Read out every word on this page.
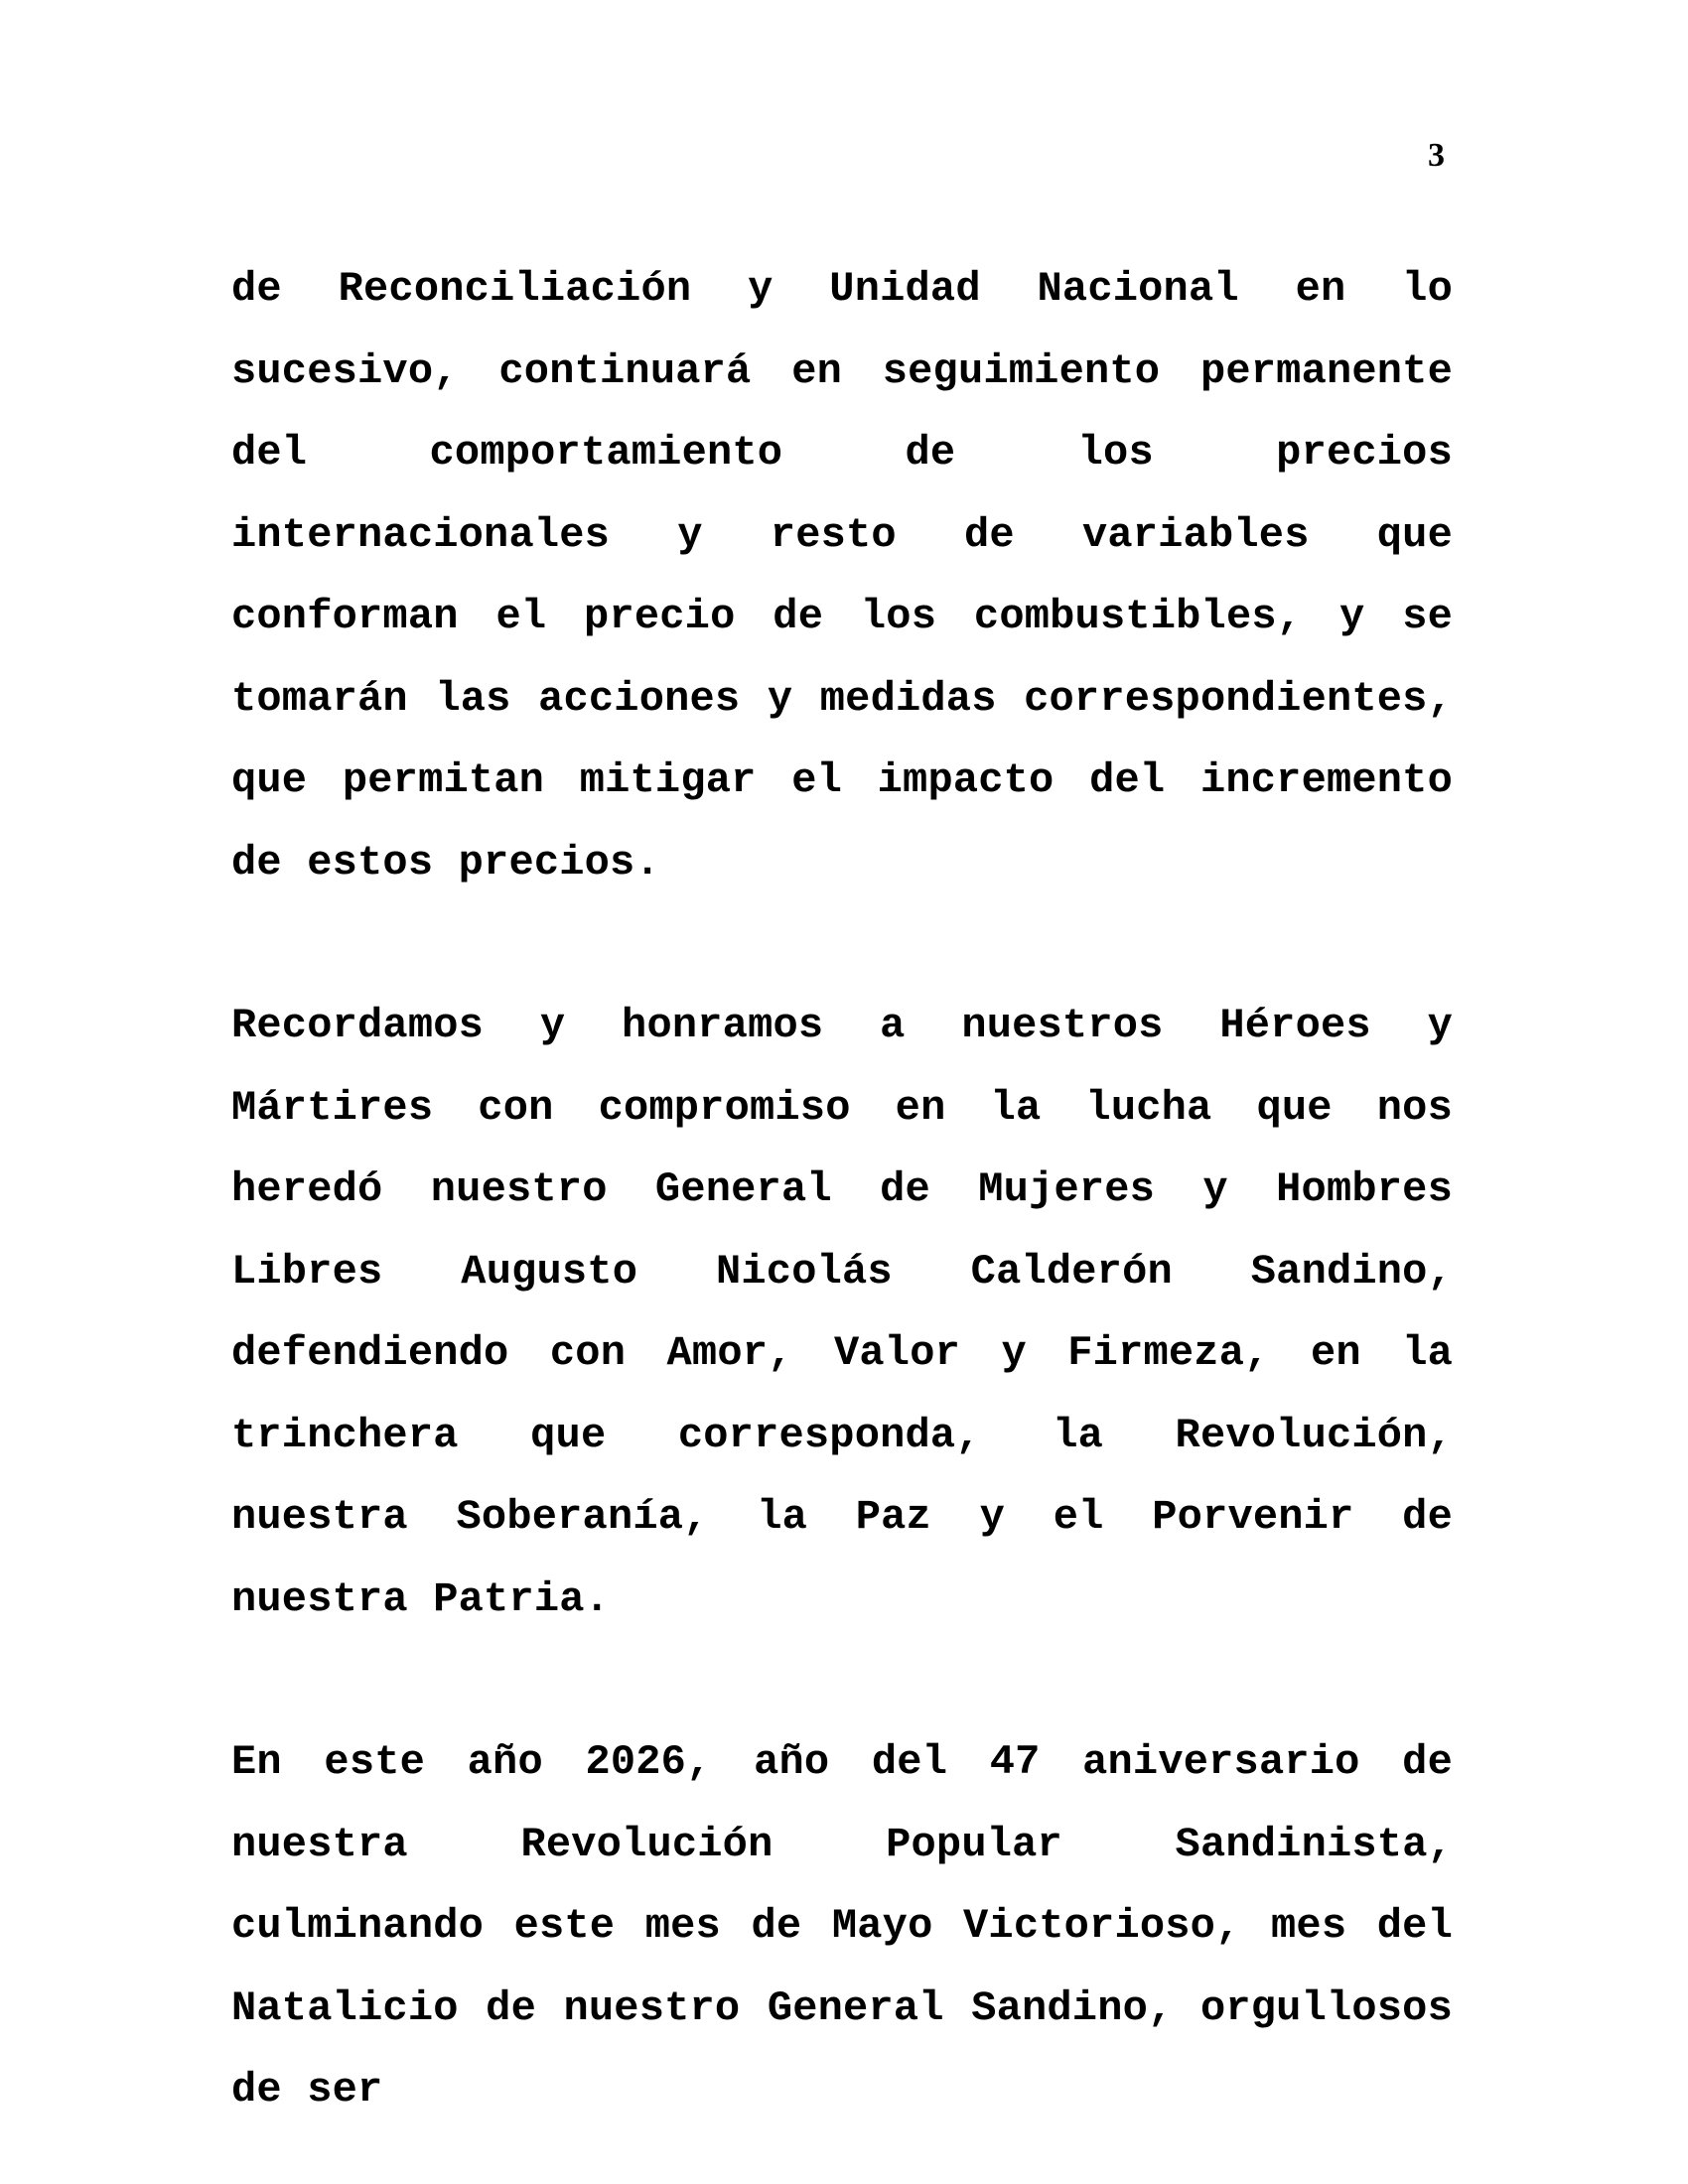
3

de Reconciliación y Unidad Nacional en lo sucesivo, continuará en seguimiento permanente del comportamiento de los precios internacionales y resto de variables que conforman el precio de los combustibles, y se tomarán las acciones y medidas correspondientes, que permitan mitigar el impacto del incremento de estos precios.

Recordamos y honramos a nuestros Héroes y Mártires con compromiso en la lucha que nos heredó nuestro General de Mujeres y Hombres Libres Augusto Nicolás Calderón Sandino, defendiendo con Amor, Valor y Firmeza, en la trinchera que corresponda, la Revolución, nuestra Soberanía, la Paz y el Porvenir de nuestra Patria.

En este año 2026, año del 47 aniversario de nuestra Revolución Popular Sandinista, culminando este mes de Mayo Victorioso, mes del Natalicio de nuestro General Sandino, orgullosos de ser
